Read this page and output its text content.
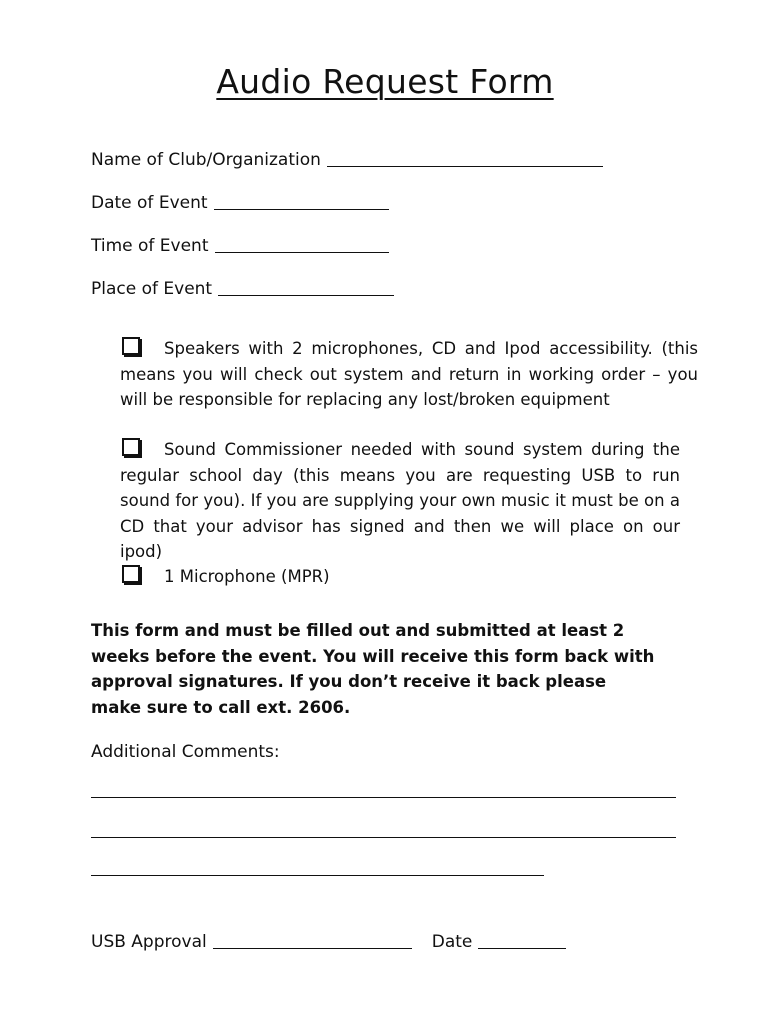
Audio Request Form
Name of Club/Organization
Date of Event
Time of Event
Place of Event

Speakers with 2 microphones, CD and Ipod accessibility. (this means you will check out system and return in working order – you will be responsible for replacing any lost/broken equipment

Sound Commissioner needed with sound system during the regular school day (this means you are requesting USB to run sound for you). If you are supplying your own music it must be on a CD that your advisor has signed and then we will place on our ipod)

1 Microphone (MPR)

This form and must be filled out and submitted at least 2 weeks before the event. You will receive this form back with approval signatures. If you don’t receive it back please make sure to call ext. 2606.

Additional Comments:
USB Approval	Date
